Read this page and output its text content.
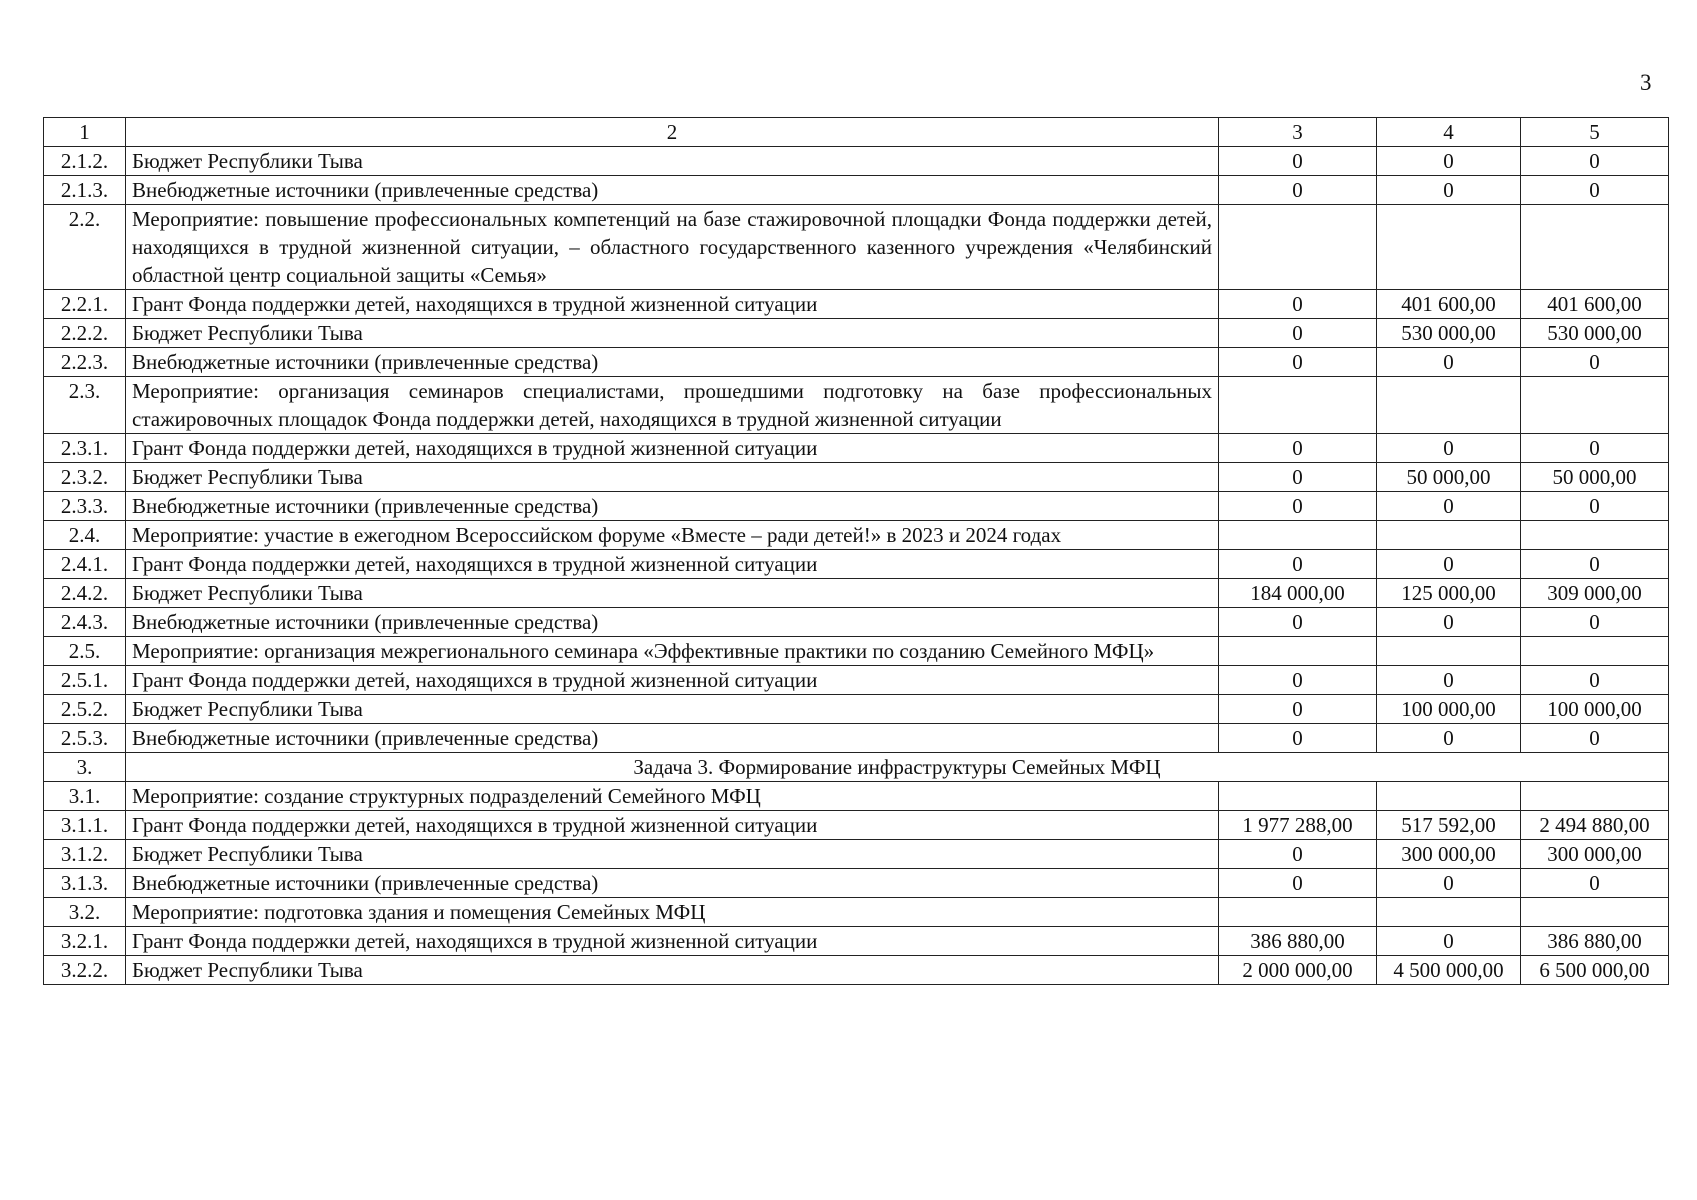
3
1	2	3	4	5
2.1.2.	Бюджет Республики Тыва	0	0	0
2.1.3.	Внебюджетные источники (привлеченные средства)	0	0	0
2.2.	Мероприятие: повышение профессиональных компетенций на базе стажировочной площадки Фонда поддержки детей, находящихся в трудной жизненной ситуации, – областного государственного казенного учреждения «Челябинский областной центр социальной защиты «Семья»			
2.2.1.	Грант Фонда поддержки детей, находящихся в трудной жизненной ситуации	0	401 600,00	401 600,00
2.2.2.	Бюджет Республики Тыва	0	530 000,00	530 000,00
2.2.3.	Внебюджетные источники (привлеченные средства)	0	0	0
2.3.	Мероприятие: организация семинаров специалистами, прошедшими подготовку на базе профессиональных стажировочных площадок Фонда поддержки детей, находящихся в трудной жизненной ситуации			
2.3.1.	Грант Фонда поддержки детей, находящихся в трудной жизненной ситуации	0	0	0
2.3.2.	Бюджет Республики Тыва	0	50 000,00	50 000,00
2.3.3.	Внебюджетные источники (привлеченные средства)	0	0	0
2.4.	Мероприятие: участие в ежегодном Всероссийском форуме «Вместе – ради детей!» в 2023 и 2024 годах			
2.4.1.	Грант Фонда поддержки детей, находящихся в трудной жизненной ситуации	0	0	0
2.4.2.	Бюджет Республики Тыва	184 000,00	125 000,00	309 000,00
2.4.3.	Внебюджетные источники (привлеченные средства)	0	0	0
2.5.	Мероприятие: организация межрегионального семинара «Эффективные практики по созданию Семейного МФЦ»			
2.5.1.	Грант Фонда поддержки детей, находящихся в трудной жизненной ситуации	0	0	0
2.5.2.	Бюджет Республики Тыва	0	100 000,00	100 000,00
2.5.3.	Внебюджетные источники (привлеченные средства)	0	0	0
3.	Задача 3. Формирование инфраструктуры Семейных МФЦ			
3.1.	Мероприятие: создание структурных подразделений Семейного МФЦ			
3.1.1.	Грант Фонда поддержки детей, находящихся в трудной жизненной ситуации	1 977 288,00	517 592,00	2 494 880,00
3.1.2.	Бюджет Республики Тыва	0	300 000,00	300 000,00
3.1.3.	Внебюджетные источники (привлеченные средства)	0	0	0
3.2.	Мероприятие: подготовка здания и помещения Семейных МФЦ			
3.2.1.	Грант Фонда поддержки детей, находящихся в трудной жизненной ситуации	386 880,00	0	386 880,00
3.2.2.	Бюджет Республики Тыва	2 000 000,00	4 500 000,00	6 500 000,00
